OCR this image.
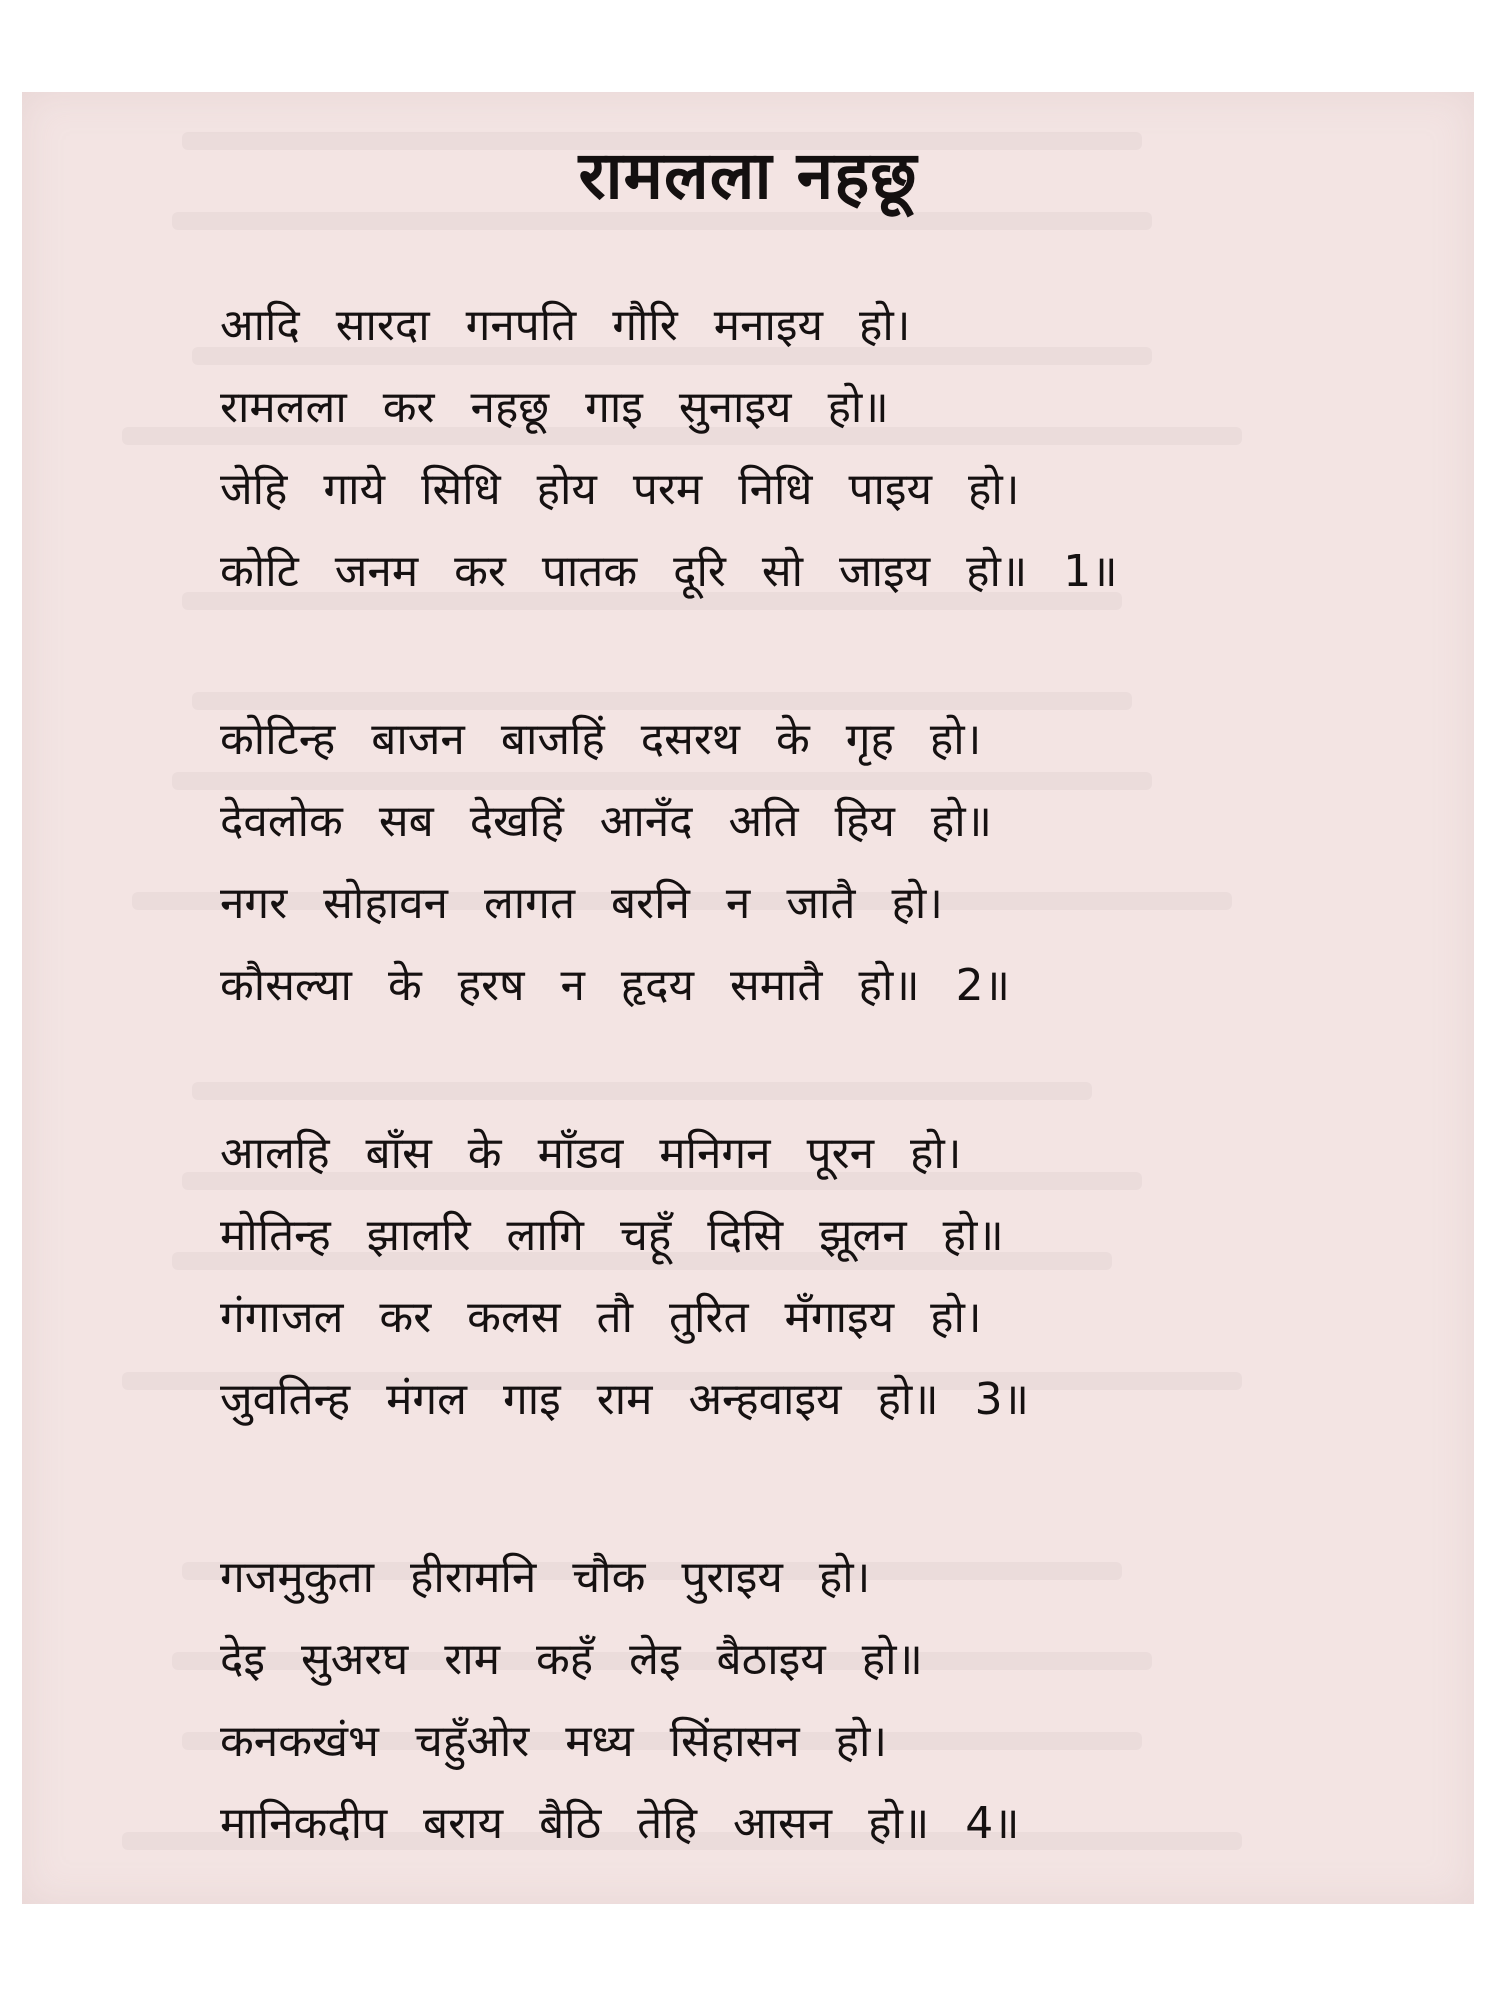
रामलला नहछू
आदि सारदा गनपति गौरि मनाइय हो।
रामलला कर नहछू गाइ सुनाइय हो॥
जेहि गाये सिधि होय परम निधि पाइय हो।
कोटि जनम कर पातक दूरि सो जाइय हो॥ 1॥
कोटिन्ह बाजन बाजहिं दसरथ के गृह हो।
देवलोक सब देखहिं आनँद अति हिय हो॥
नगर सोहावन लागत बरनि न जातै हो।
कौसल्या के हरष न हृदय समातै हो॥ 2॥
आलहि बाँस के माँडव मनिगन पूरन हो।
मोतिन्ह झालरि लागि चहूँ दिसि झूलन हो॥
गंगाजल कर कलस तौ तुरित मँगाइय हो।
जुवतिन्ह मंगल गाइ राम अन्हवाइय हो॥ 3॥
गजमुकुता हीरामनि चौक पुराइय हो।
देइ सुअरघ राम कहँ लेइ बैठाइय हो॥
कनकखंभ चहुँओर मध्य सिंहासन हो।
मानिकदीप बराय बैठि तेहि आसन हो॥ 4॥
